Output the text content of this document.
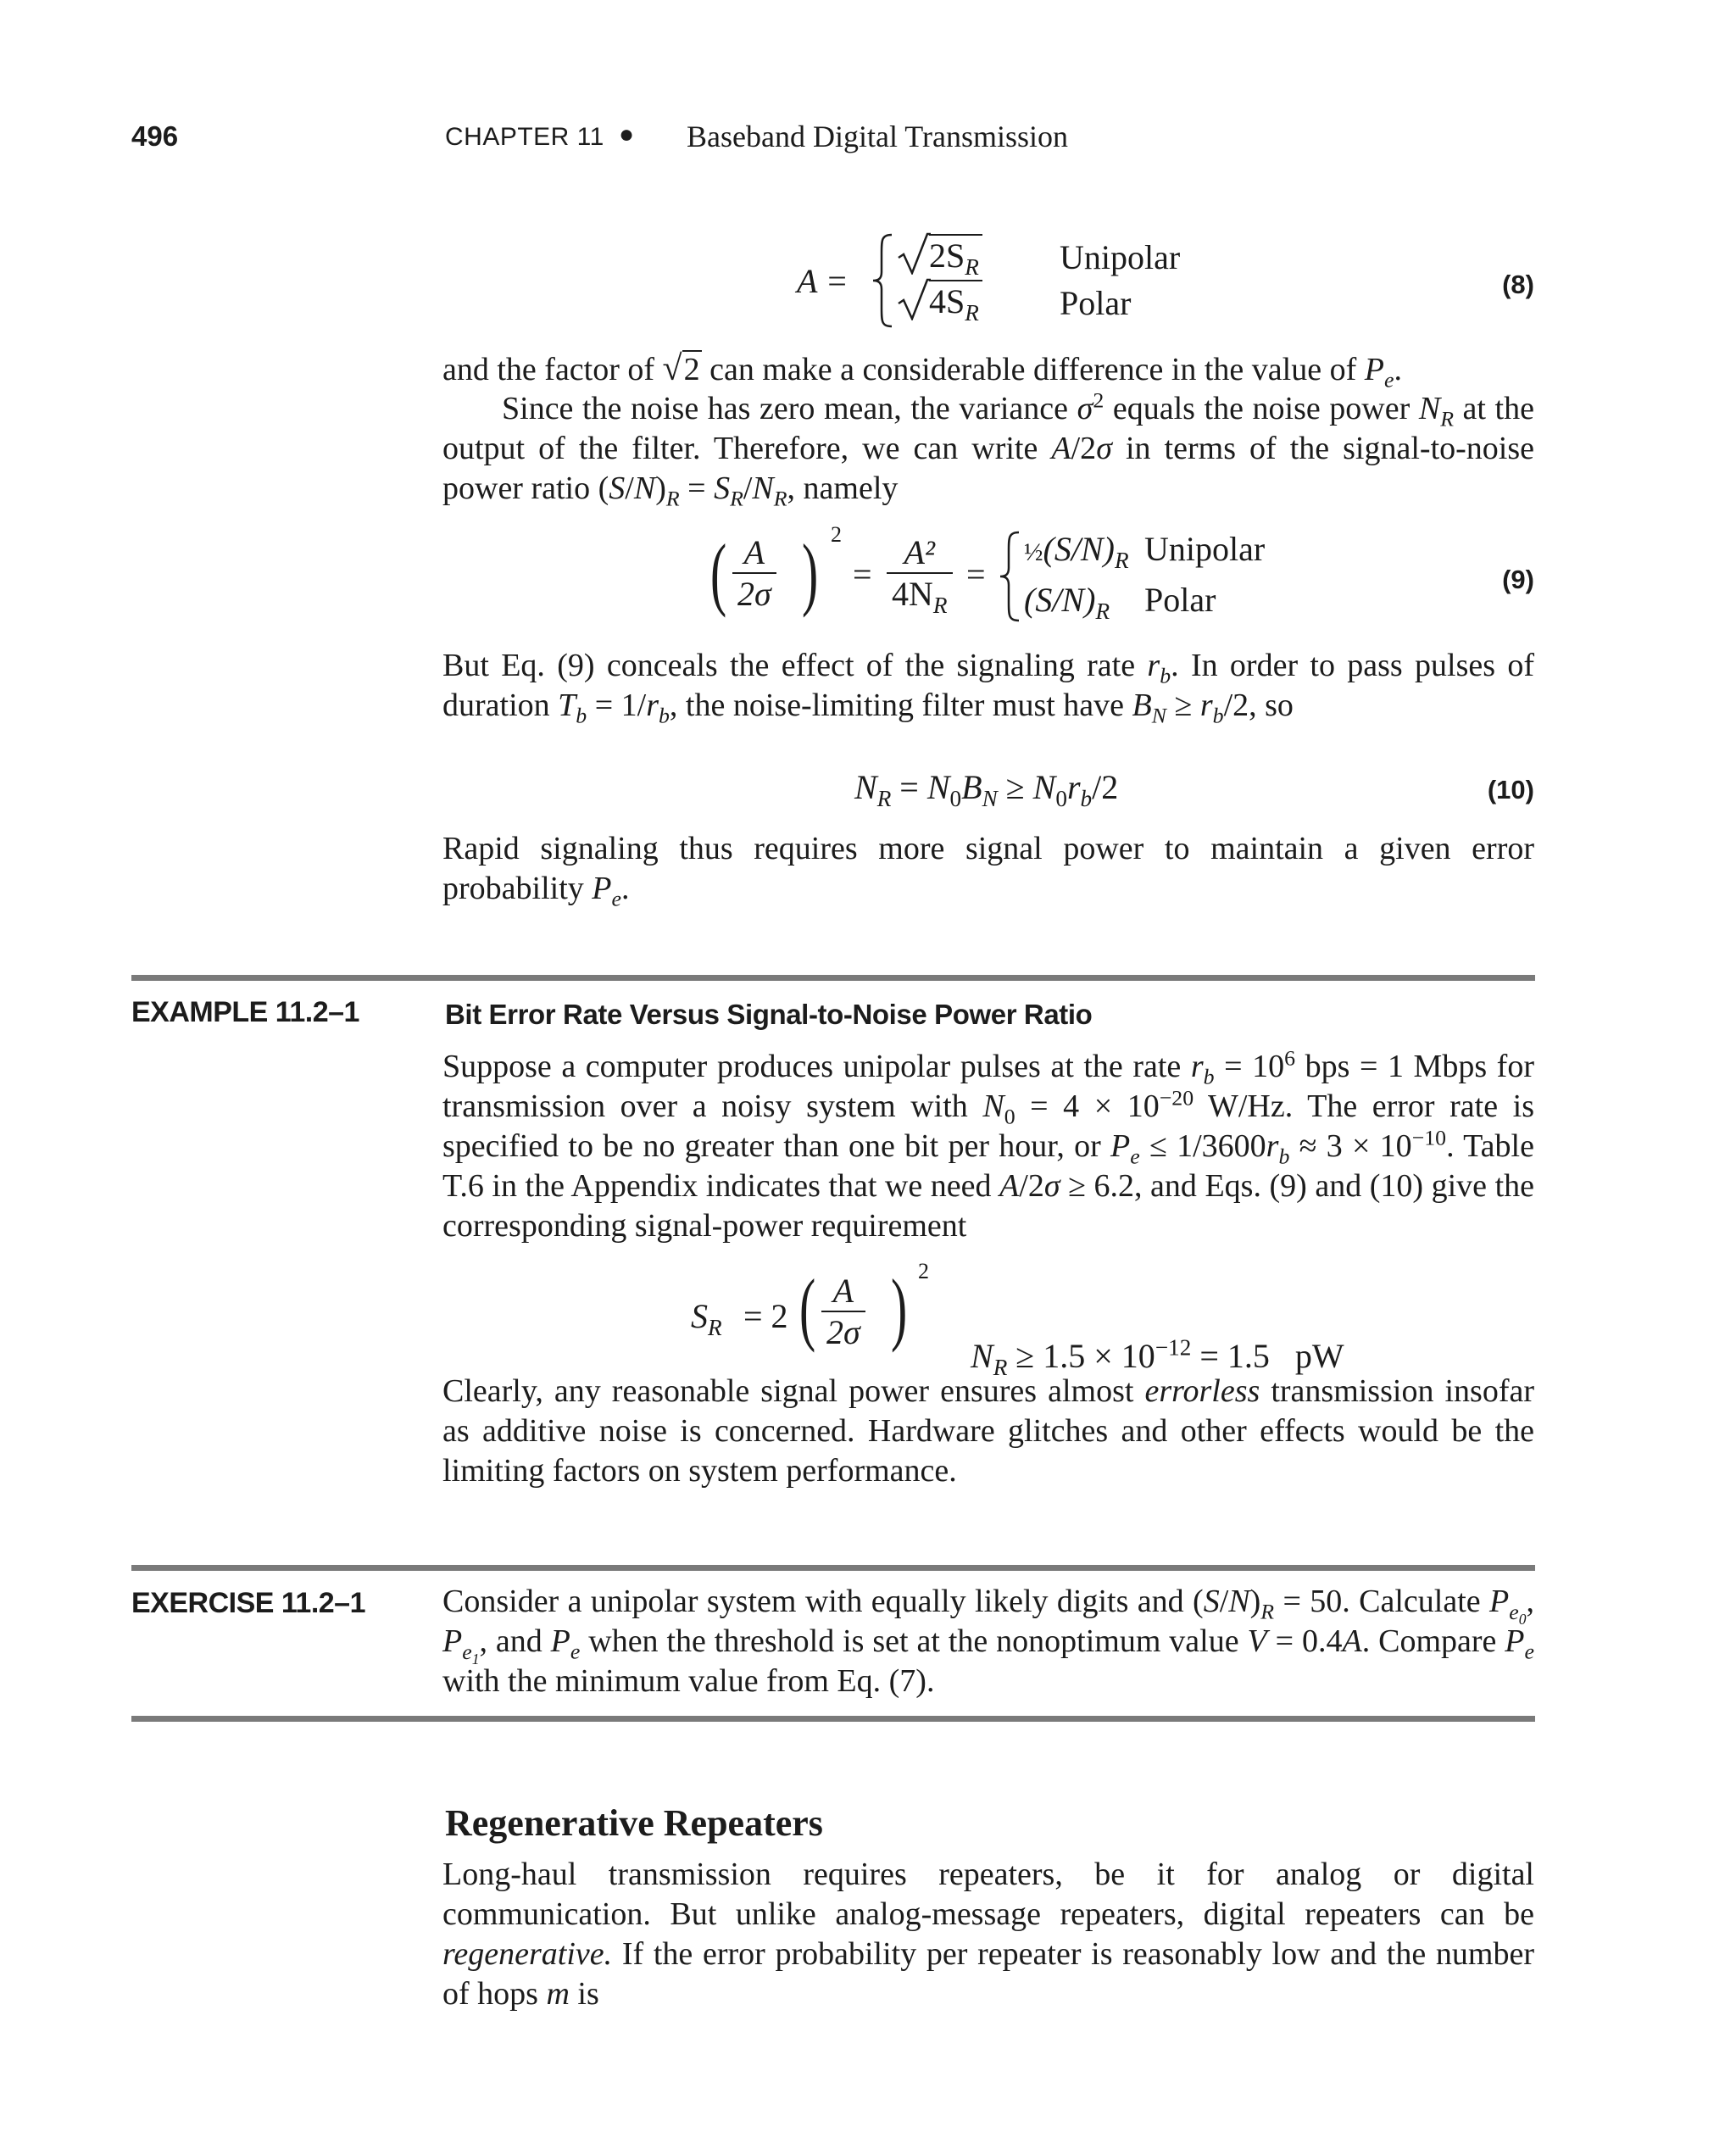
496	CHAPTER 11 ● Baseband Digital Transmission
A =
$2S_R$ Unipolar
$4S_R$ Polar	(8)

and the factor of √2 can make a considerable difference in the value of $P_e$.

Since the noise has zero mean, the variance $\sigma^2$ equals the noise power $N_R$ at the output of the filter. Therefore, we can write A/2σ in terms of the signal-to-noise power ratio $(S/N)_R = S_R/N_R$, namely

( $\frac{A}{2\sigma}$ ) 2
= $\frac{\text{A²}}{4N_R}$ =
$\frac{1}{2}(S/N)_R$ Unipolar
$(S/N)_R$ Polar
(9)

But Eq. (9) conceals the effect of the signaling rate $r_b$. In order to pass pulses of duration $T_b = 1/r_b$, the noise-limiting filter must have $B_N \ge r_b/2$, so

$N_R = N_0B_N \ge N_0r_b/2$	(10)

Rapid signaling thus requires more signal power to maintain a given error probability $P_e$.

EXAMPLE 11.2–1	Bit Error Rate Versus Signal-to-Noise Power Ratio

Suppose a computer produces unipolar pulses at the rate $r_b = 10^6$ bps = 1 Mbps for transmission over a noisy system with $N_0 = 4 \times 10^{-20}$ W/Hz. The error rate is specified to be no greater than one bit per hour, or $P_e \le 1/3600r_b \approx 3 \times 10^{-10}$. Table T.6 in the Appendix indicates that we need A/2σ ≥ 6.2, and Eqs. (9) and (10) give the corresponding signal-power requirement

$S_R = 2$ ( $\frac{A}{2\sigma}$ ) 2

$N_R \ge 1.5 \times 10^{-12} = 1.5$   pW

Clearly, any reasonable signal power ensures almost errorless transmission insofar as additive noise is concerned. Hardware glitches and other effects would be the limiting factors on system performance.

EXERCISE 11.2–1 Consider a unipolar system with equally likely digits and $(S/N)_R = 50$. Calculate $P_{e_0}$, $P_{e_1}$, and $P_e$ when the threshold is set at the nonoptimum value V = 0.4A. Compare $P_e$ with the minimum value from Eq. (7).

Regenerative Repeaters

Long-haul transmission requires repeaters, be it for analog or digital communication. But unlike analog-message repeaters, digital repeaters can be regenerative. If the error probability per repeater is reasonably low and the number of hops m is
